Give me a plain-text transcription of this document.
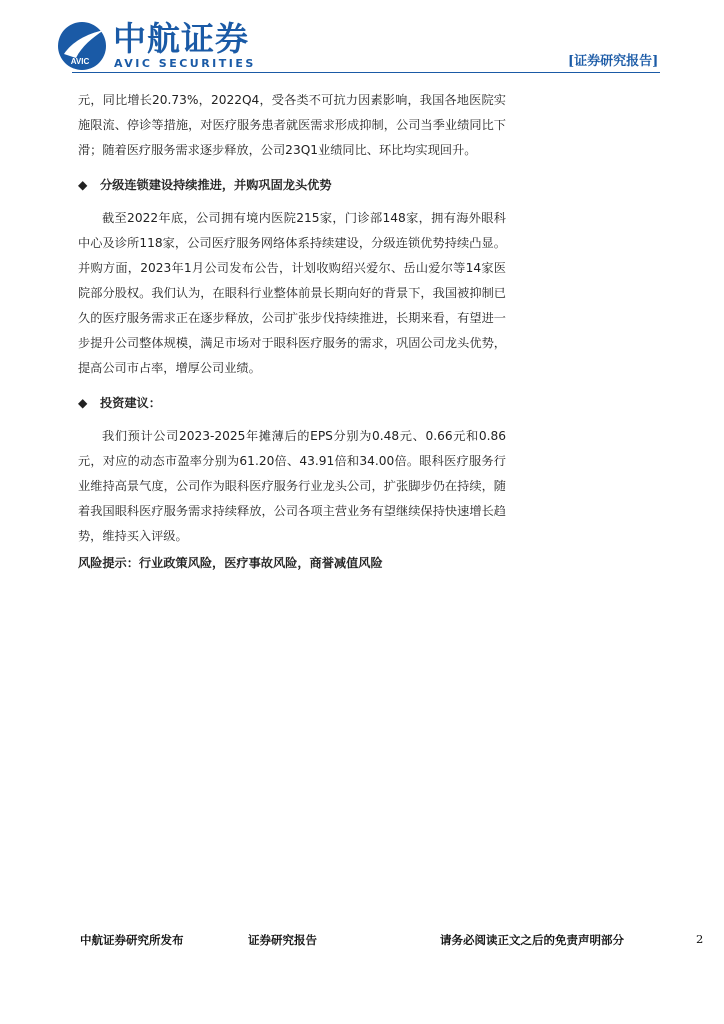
AVIC
中航证券
AVIC SECURITIES	[证券研究报告]

元，同比增长20.73%，2022Q4，受各类不可抗力因素影响，我国各地医院实施限流、停诊等措施，对医疗服务患者就医需求形成抑制，公司当季业绩同比下滑；随着医疗服务需求逐步释放，公司23Q1业绩同比、环比均实现回升。

◆ 分级连锁建设持续推进，并购巩固龙头优势

截至2022年底，公司拥有境内医院215家，门诊部148家，拥有海外眼科中心及诊所118家，公司医疗服务网络体系持续建设，分级连锁优势持续凸显。并购方面，2023年1月公司发布公告，计划收购绍兴爱尔、岳山爱尔等14家医院部分股权。我们认为，在眼科行业整体前景长期向好的背景下，我国被抑制已久的医疗服务需求正在逐步释放，公司扩张步伐持续推进，长期来看，有望进一步提升公司整体规模，满足市场对于眼科医疗服务的需求，巩固公司龙头优势，提高公司市占率，增厚公司业绩。

◆ 投资建议：

我们预计公司2023-2025年摊薄后的EPS分别为0.48元、0.66元和0.86元，对应的动态市盈率分别为61.20倍、43.91倍和34.00倍。眼科医疗服务行业维持高景气度，公司作为眼科医疗服务行业龙头公司，扩张脚步仍在持续，随着我国眼科医疗服务需求持续释放，公司各项主营业务有望继续保持快速增长趋势，维持买入评级。

风险提示：行业政策风险，医疗事故风险，商誉减值风险

中航证券研究所发布	证券研究报告	请务必阅读正文之后的免责声明部分	2
